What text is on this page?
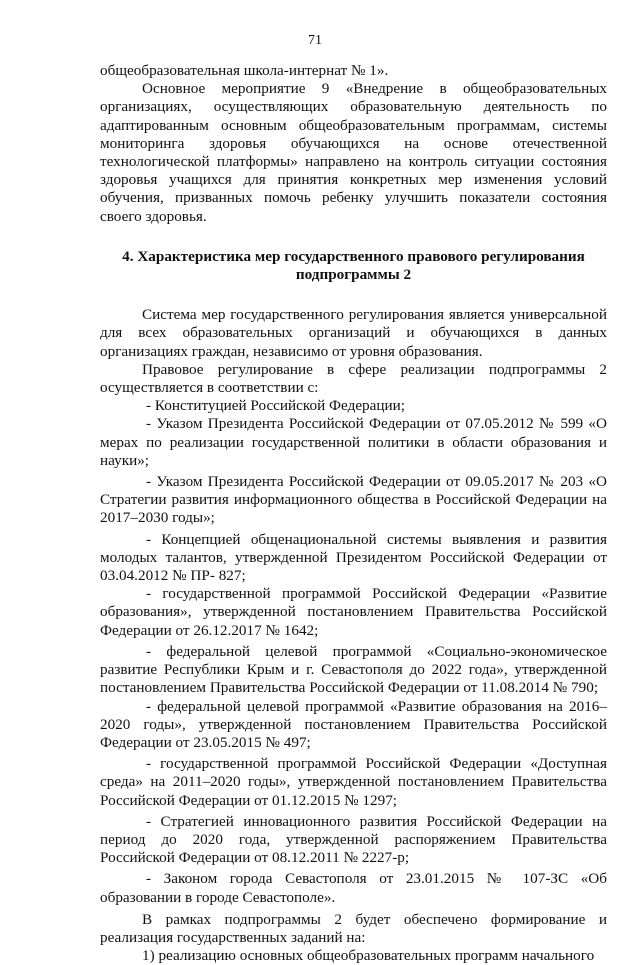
71

общеобразовательная школа-интернат № 1».

Основное мероприятие 9 «Внедрение в общеобразовательных организациях, осуществляющих образовательную деятельность по адаптированным основным общеобразовательным программам, системы мониторинга здоровья обучающихся на основе отечественной технологической платформы» направлено на контроль ситуации состояния здоровья учащихся для принятия конкретных мер изменения условий обучения, призванных помочь ребенку улучшить показатели состояния своего здоровья.

4. Характеристика мер государственного правового регулирования подпрограммы 2

Система мер государственного регулирования является универсальной для всех образовательных организаций и обучающихся в данных организациях граждан, независимо от уровня образования.

Правовое регулирование в сфере реализации подпрограммы 2 осуществляется в соответствии с:

- Конституцией Российской Федерации;

- Указом Президента Российской Федерации от 07.05.2012 № 599 «О мерах по реализации государственной политики в области образования и науки»;

- Указом Президента Российской Федерации от 09.05.2017 № 203 «О Стратегии развития информационного общества в Российской Федерации на 2017–2030 годы»;

- Концепцией общенациональной системы выявления и развития молодых талантов, утвержденной Президентом Российской Федерации от 03.04.2012 № ПР- 827;

- государственной программой Российской Федерации «Развитие образования», утвержденной постановлением Правительства Российской Федерации от 26.12.2017 № 1642;

- федеральной целевой программой «Социально-экономическое развитие Республики Крым и г. Севастополя до 2022 года», утвержденной постановлением Правительства Российской Федерации от 11.08.2014 № 790;

- федеральной целевой программой «Развитие образования на 2016–2020 годы», утвержденной постановлением Правительства Российской Федерации от 23.05.2015 № 497;

- государственной программой Российской Федерации «Доступная среда» на 2011–2020 годы», утвержденной постановлением Правительства Российской Федерации от 01.12.2015 № 1297;

- Стратегией инновационного развития Российской Федерации на период до 2020 года, утвержденной распоряжением Правительства Российской Федерации от 08.12.2011 № 2227-р;

- Законом города Севастополя от 23.01.2015 № 107-ЗС «Об образовании в городе Севастополе».

В рамках подпрограммы 2 будет обеспечено формирование и реализация государственных заданий на:

1) реализацию основных общеобразовательных программ начального
